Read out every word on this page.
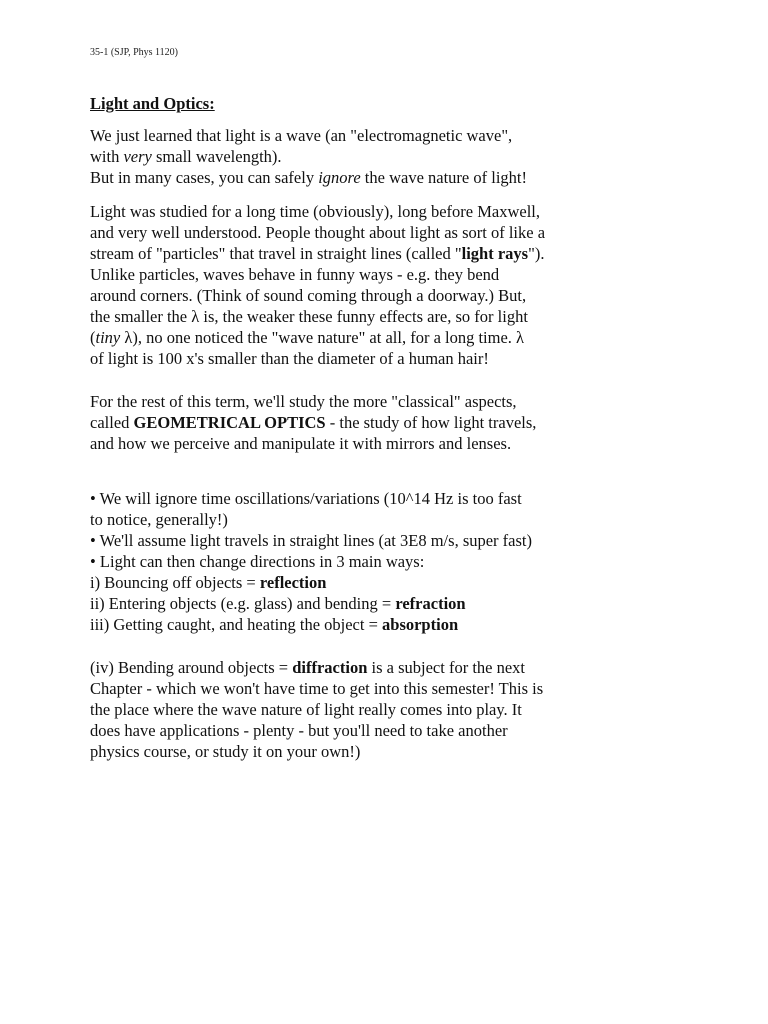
35-1 (SJP, Phys 1120)
Light and Optics:
We just learned that light is a wave (an "electromagnetic wave",
with very small wavelength).
But in many cases, you can safely ignore the wave nature of light!
Light was studied for a long time (obviously), long before Maxwell,
and very well understood. People thought about light as sort of like a
stream of "particles" that travel in straight lines (called "light rays").
Unlike particles, waves behave in funny ways - e.g. they bend
around corners. (Think of sound coming through a doorway.) But,
the smaller the λ is, the weaker these funny effects are, so for light
(tiny λ), no one noticed the "wave nature" at all, for a long time. λ
of light is 100 x's smaller than the diameter of a human hair!
For the rest of this term, we'll study the more "classical" aspects,
called GEOMETRICAL OPTICS - the study of how light travels,
and how we perceive and manipulate it with mirrors and lenses.
• We will ignore time oscillations/variations (10^14 Hz is too fast
to notice, generally!)
• We'll assume light travels in straight lines (at 3E8 m/s, super fast)
• Light can then change directions in 3 main ways:
i) Bouncing off objects = reflection
ii) Entering objects (e.g. glass) and bending = refraction
iii) Getting caught, and heating the object = absorption
(iv) Bending around objects = diffraction is a subject for the next
Chapter - which we won't have time to get into this semester! This is
the place where the wave nature of light really comes into play. It
does have applications - plenty - but you'll need to take another
physics course, or study it on your own!)
